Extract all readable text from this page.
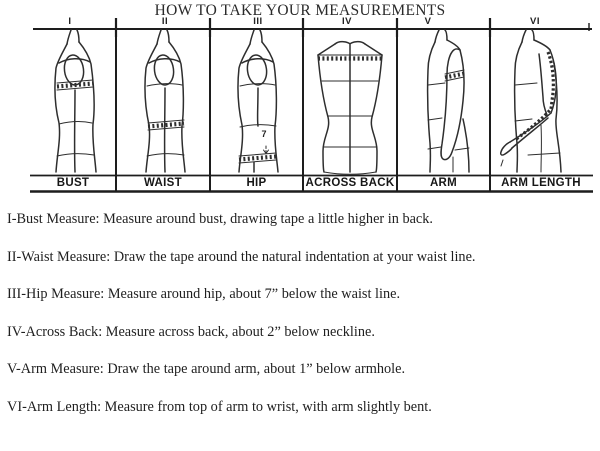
HOW TO TAKE YOUR MEASUREMENTS
I	II	III	IV	V	VI
7
BUST	WAIST	HIP	ACROSS BACK	ARM	ARM LENGTH

I-Bust Measure: Measure around bust, drawing tape a little higher in back.

II-Waist Measure: Draw the tape around the natural indentation at your waist line.

III-Hip Measure: Measure around hip, about 7” below the waist line.

IV-Across Back: Measure across back, about 2” below neckline.

V-Arm Measure: Draw the tape around arm, about 1” below armhole.

VI-Arm Length: Measure from top of arm to wrist, with arm slightly bent.
